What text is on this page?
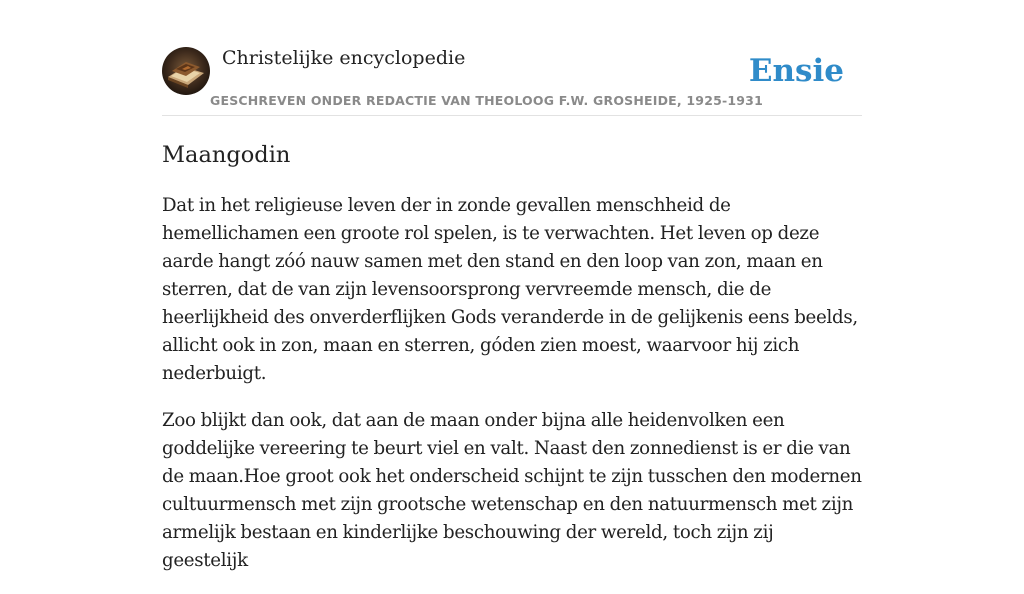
Christelijke encyclopedie
GESCHREVEN ONDER REDACTIE VAN THEOLOOG F.W. GROSHEIDE, 1925-1931
Ensie
Maangodin

Dat in het religieuse leven der in zonde gevallen menschheid de hemellichamen een groote rol spelen, is te verwachten. Het leven op deze aarde hangt zóó nauw samen met den stand en den loop van zon, maan en sterren, dat de van zijn levensoorsprong vervreemde mensch, die de heerlijkheid des onverderflijken Gods veranderde in de gelijkenis eens beelds, allicht ook in zon, maan en sterren, góden zien moest, waarvoor hij zich nederbuigt.

Zoo blijkt dan ook, dat aan de maan onder bijna alle heidenvolken een goddelijke vereering te beurt viel en valt. Naast den zonnedienst is er die van de maan.Hoe groot ook het onderscheid schijnt te zijn tusschen den modernen cultuurmensch met zijn grootsche wetenschap en den natuurmensch met zijn armelijk bestaan en kinderlijke beschouwing der wereld, toch zijn zij geestelijk
